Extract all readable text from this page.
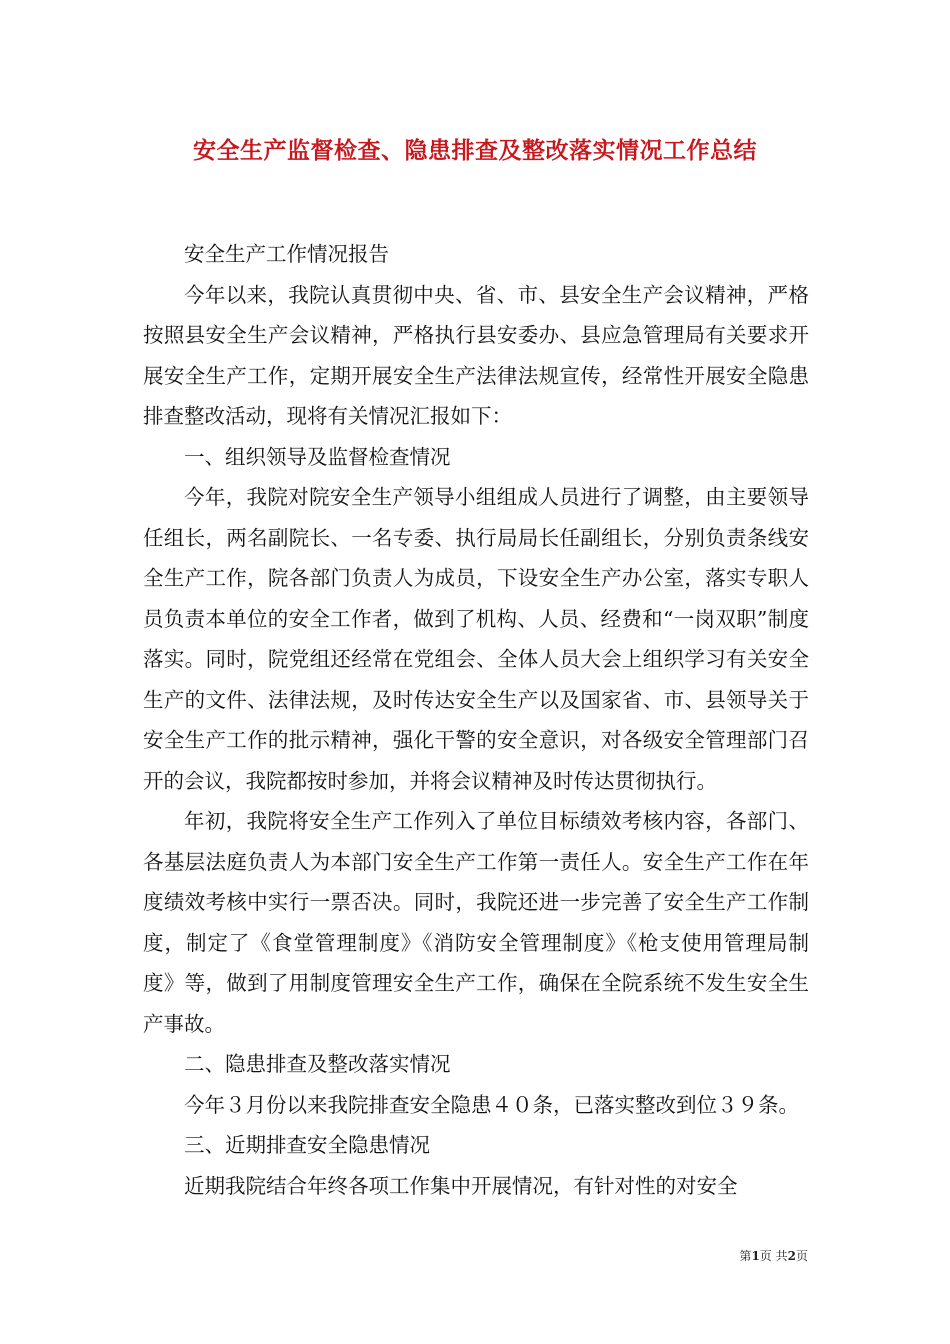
安全生产监督检查、隐患排查及整改落实情况工作总结

安全生产工作情况报告

今年以来，我院认真贯彻中央、省、市、县安全生产会议精神，严格按照县安全生产会议精神，严格执行县安委办、县应急管理局有关要求开展安全生产工作，定期开展安全生产法律法规宣传，经常性开展安全隐患排查整改活动，现将有关情况汇报如下：

一、组织领导及监督检查情况

今年，我院对院安全生产领导小组组成人员进行了调整，由主要领导任组长，两名副院长、一名专委、执行局局长任副组长，分别负责条线安全生产工作，院各部门负责人为成员，下设安全生产办公室，落实专职人员负责本单位的安全工作者，做到了机构、人员、经费和“一岗双职”制度落实。同时，院党组还经常在党组会、全体人员大会上组织学习有关安全生产的文件、法律法规，及时传达安全生产以及国家省、市、县领导关于安全生产工作的批示精神，强化干警的安全意识，对各级安全管理部门召开的会议，我院都按时参加，并将会议精神及时传达贯彻执行。

年初，我院将安全生产工作列入了单位目标绩效考核内容，各部门、各基层法庭负责人为本部门安全生产工作第一责任人。安全生产工作在年度绩效考核中实行一票否决。同时，我院还进一步完善了安全生产工作制度，制定了《食堂管理制度》《消防安全管理制度》《枪支使用管理局制度》等，做到了用制度管理安全生产工作，确保在全院系统不发生安全生产事故。

二、隐患排查及整改落实情况

今年３月份以来我院排查安全隐患４０条，已落实整改到位３９条。

三、近期排查安全隐患情况

近期我院结合年终各项工作集中开展情况，有针对性的对安全

第1页 共2页
